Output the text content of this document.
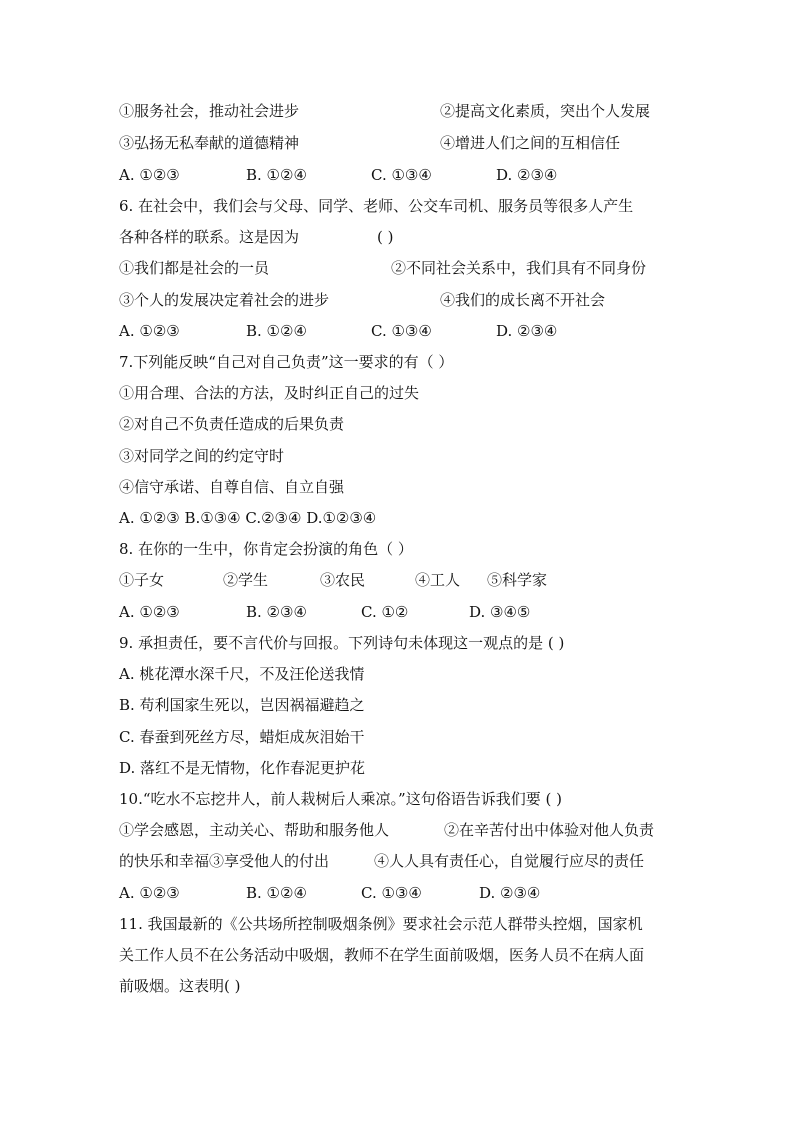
①服务社会，推动社会进步	②提高文化素质，突出个人发展
③弘扬无私奉献的道德精神	④增进人们之间的互相信任
A. ①②③	B. ①②④	C. ①③④	D. ②③④
6. 在社会中，我们会与父母、同学、老师、公交车司机、服务员等很多人产生
各种各样的联系。这是因为	( )
①我们都是社会的一员	②不同社会关系中，我们具有不同身份
③个人的发展决定着社会的进步	④我们的成长离不开社会
A. ①②③	B. ①②④	C. ①③④	D. ②③④
7.下列能反映“自己对自己负责”这一要求的有（ ）
①用合理、合法的方法，及时纠正自己的过失
②对自己不负责任造成的后果负责
③对同学之间的约定守时
④信守承诺、自尊自信、自立自强
A. ①②③ B.①③④ C.②③④ D.①②③④
8. 在你的一生中，你肯定会扮演的角色（ ）
①子女	②学生	③农民	④工人 ⑤科学家
A. ①②③	B. ②③④	C. ①②	D. ③④⑤
9. 承担责任，要不言代价与回报。下列诗句未体现这一观点的是 ( )
A. 桃花潭水深千尺，不及汪伦送我情
B. 苟利国家生死以，岂因祸福避趋之
C. 春蚕到死丝方尽，蜡炬成灰泪始干
D. 落红不是无情物，化作春泥更护花
10.“吃水不忘挖井人，前人栽树后人乘凉。”这句俗语告诉我们要 ( )
①学会感恩，主动关心、帮助和服务他人	②在辛苦付出中体验对他人负责
的快乐和幸福③享受他人的付出	④人人具有责任心，自觉履行应尽的责任
A. ①②③	B. ①②④	C. ①③④	D. ②③④
11. 我国最新的《公共场所控制吸烟条例》要求社会示范人群带头控烟，国家机
关工作人员不在公务活动中吸烟，教师不在学生面前吸烟，医务人员不在病人面
前吸烟。这表明( )
